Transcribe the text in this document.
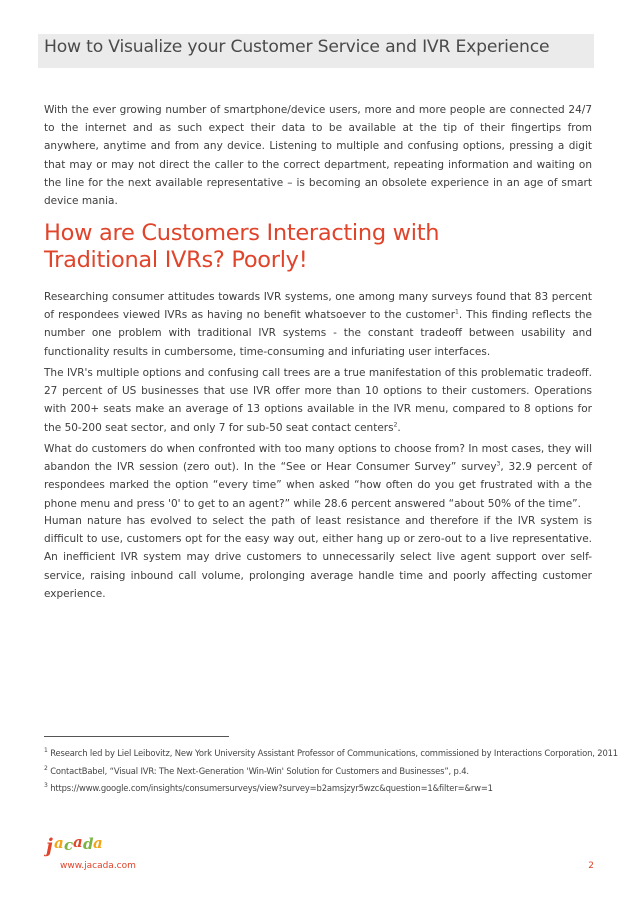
How to Visualize your Customer Service and IVR Experience
With the ever growing number of smartphone/device users, more and more people are connected 24/7 to the internet and as such expect their data to be available at the tip of their fingertips from anywhere, anytime and from any device. Listening to multiple and confusing options, pressing a digit that may or may not direct the caller to the correct department, repeating information and waiting on the line for the next available representative – is becoming an obsolete experience in an age of smart device mania.
How are Customers Interacting with
Traditional IVRs? Poorly!
Researching consumer attitudes towards IVR systems, one among many surveys found that 83 percent of respondees viewed IVRs as having no benefit whatsoever to the customer$^1$. This finding reflects the number one problem with traditional IVR systems - the constant tradeoff between usability and functionality results in cumbersome, time-consuming and infuriating user interfaces.
The IVR's multiple options and confusing call trees are a true manifestation of this problematic tradeoff. 27 percent of US businesses that use IVR offer more than 10 options to their customers. Operations with 200+ seats make an average of 13 options available in the IVR menu, compared to 8 options for the 50-200 seat sector, and only 7 for sub-50 seat contact centers$^2$.
What do customers do when confronted with too many options to choose from? In most cases, they will abandon the IVR session (zero out). In the “See or Hear Consumer Survey” survey$^3$, 32.9 percent of respondees marked the option “every time” when asked “how often do you get frustrated with a the phone menu and press '0' to get to an agent?” while 28.6 percent answered “about 50% of the time”.
Human nature has evolved to select the path of least resistance and therefore if the IVR system is difficult to use, customers opt for the easy way out, either hang up or zero-out to a live representative. An inefficient IVR system may drive customers to unnecessarily select live agent support over self-service, raising inbound call volume, prolonging average handle time and poorly affecting customer experience.
$^1$ Research led by Liel Leibovitz, New York University Assistant Professor of Communications, commissioned by Interactions Corporation, 2011
$^2$ ContactBabel, “Visual IVR: The Next-Generation 'Win-Win' Solution for Customers and Businesses”, p.4.
$^3$ https://www.google.com/insights/consumersurveys/view?survey=b2amsjzyr5wzc&question=1&filter=&rw=1
j a c a d a
www.jacada.com	2
